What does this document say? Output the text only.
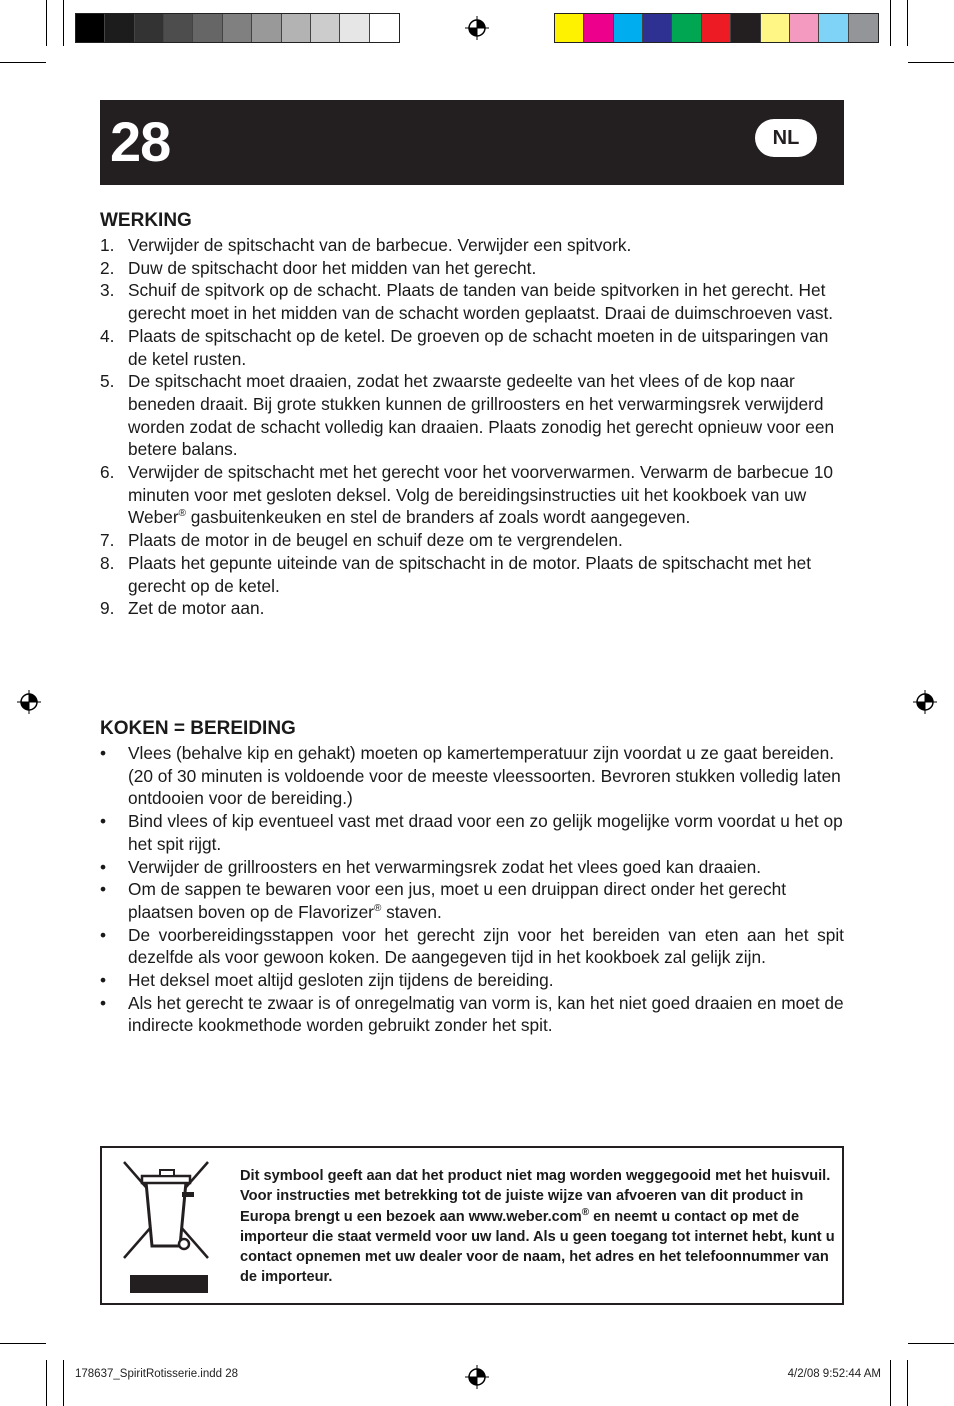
28	NL
WERKING
1. Verwijder de spitschacht van de barbecue. Verwijder een spitvork.
2. Duw de spitschacht door het midden van het gerecht.
3. Schuif de spitvork op de schacht. Plaats de tanden van beide spitvorken in het gerecht. Het gerecht moet in het midden van de schacht worden geplaatst. Draai de duimschroeven vast.
4. Plaats de spitschacht op de ketel. De groeven op de schacht moeten in de uitsparingen van de ketel rusten.
5. De spitschacht moet draaien, zodat het zwaarste gedeelte van het vlees of de kop naar beneden draait. Bij grote stukken kunnen de grillroosters en het verwarmingsrek verwijderd worden zodat de schacht volledig kan draaien. Plaats zonodig het gerecht opnieuw voor een betere balans.
6. Verwijder de spitschacht met het gerecht voor het voorverwarmen. Verwarm de barbecue 10 minuten voor met gesloten deksel. Volg de bereidingsinstructies uit het kookboek van uw Weber® gasbuitenkeuken en stel de branders af zoals wordt aangegeven.
7. Plaats de motor in de beugel en schuif deze om te vergrendelen.
8. Plaats het gepunte uiteinde van de spitschacht in de motor. Plaats de spitschacht met het gerecht op de ketel.
9. Zet de motor aan.
KOKEN = BEREIDING
• Vlees (behalve kip en gehakt) moeten op kamertemperatuur zijn voordat u ze gaat bereiden. (20 of 30 minuten is voldoende voor de meeste vleessoorten. Bevroren stukken volledig laten ontdooien voor de bereiding.)
• Bind vlees of kip eventueel vast met draad voor een zo gelijk mogelijke vorm voordat u het op het spit rijgt.
• Verwijder de grillroosters en het verwarmingsrek zodat het vlees goed kan draaien.
• Om de sappen te bewaren voor een jus, moet u een druippan direct onder het gerecht plaatsen boven op de Flavorizer® staven.
• De voorbereidingsstappen voor het gerecht zijn voor het bereiden van eten aan het spit dezelfde als voor gewoon koken. De aangegeven tijd in het kookboek zal gelijk zijn.
• Het deksel moet altijd gesloten zijn tijdens de bereiding.
• Als het gerecht te zwaar is of onregelmatig van vorm is, kan het niet goed draaien en moet de indirecte kookmethode worden gebruikt zonder het spit.
Dit symbool geeft aan dat het product niet mag worden weggegooid met het huisvuil. Voor instructies met betrekking tot de juiste wijze van afvoeren van dit product in Europa brengt u een bezoek aan www.weber.com® en neemt u contact op met de importeur die staat vermeld voor uw land. Als u geen toegang tot internet hebt, kunt u contact opnemen met uw dealer voor de naam, het adres en het telefoonnummer van de importeur.
178637_SpiritRotisserie.indd 28	4/2/08 9:52:44 AM
